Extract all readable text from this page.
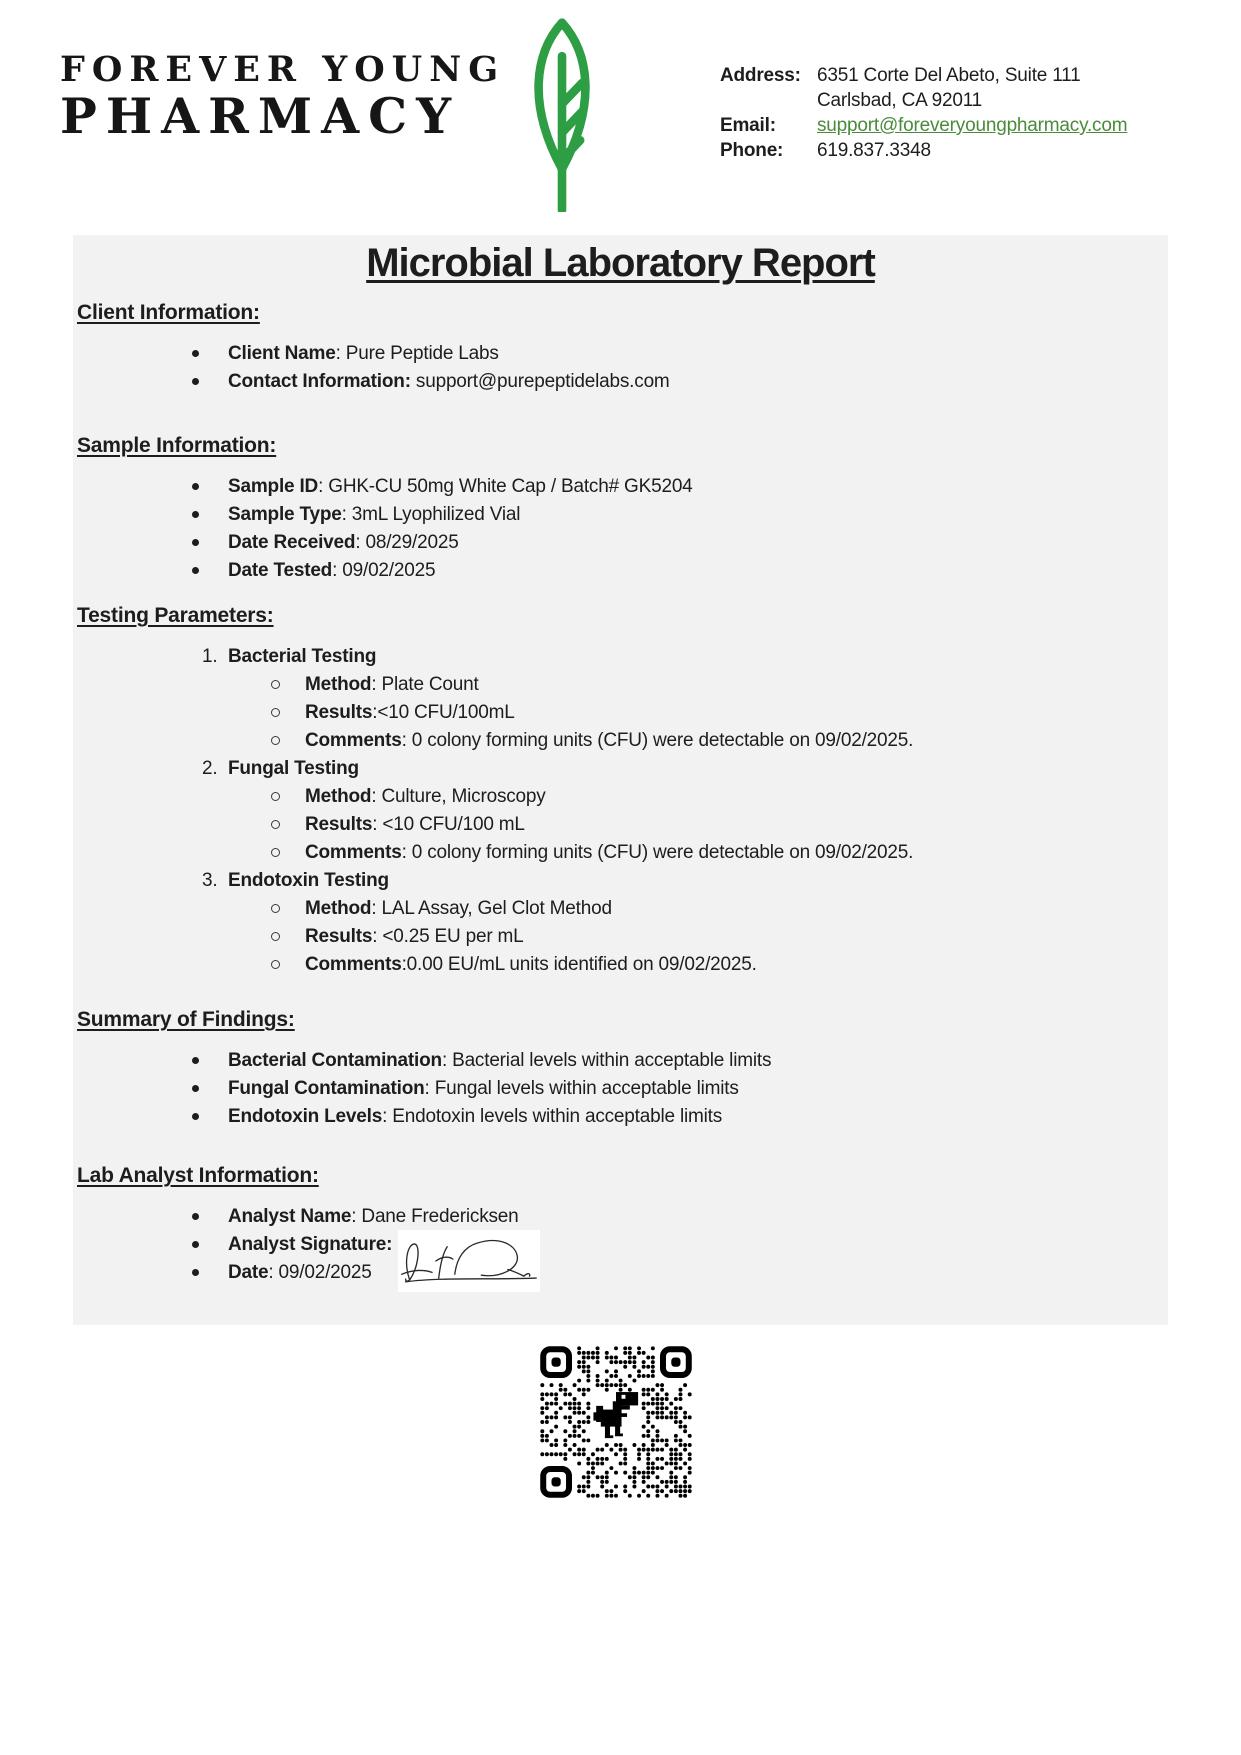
FOREVER YOUNG
PHARMACY
Address: 6351 Corte Del Abeto, Suite 111
Carlsbad, CA 92011
Email:	support@foreveryoungpharmacy.com
Phone:	619.837.3348
Microbial Laboratory Report
Client Information:
Client Name: Pure Peptide Labs
Contact Information: support@purepeptidelabs.com
Sample Information:
Sample ID: GHK-CU 50mg White Cap / Batch# GK5204
Sample Type: 3mL Lyophilized Vial
Date Received: 08/29/2025
Date Tested: 09/02/2025
Testing Parameters:
1. Bacterial Testing
Method: Plate Count
Results:<10 CFU/100mL
Comments: 0 colony forming units (CFU) were detectable on 09/02/2025.
2. Fungal Testing
Method: Culture, Microscopy
Results: <10 CFU/100 mL
Comments: 0 colony forming units (CFU) were detectable on 09/02/2025.
3. Endotoxin Testing
Method: LAL Assay, Gel Clot Method
Results: <0.25 EU per mL
Comments:0.00 EU/mL units identified on 09/02/2025.
Summary of Findings:
Bacterial Contamination: Bacterial levels within acceptable limits
Fungal Contamination: Fungal levels within acceptable limits
Endotoxin Levels: Endotoxin levels within acceptable limits
Lab Analyst Information:
Analyst Name: Dane Fredericksen
Analyst Signature:
Date: 09/02/2025
